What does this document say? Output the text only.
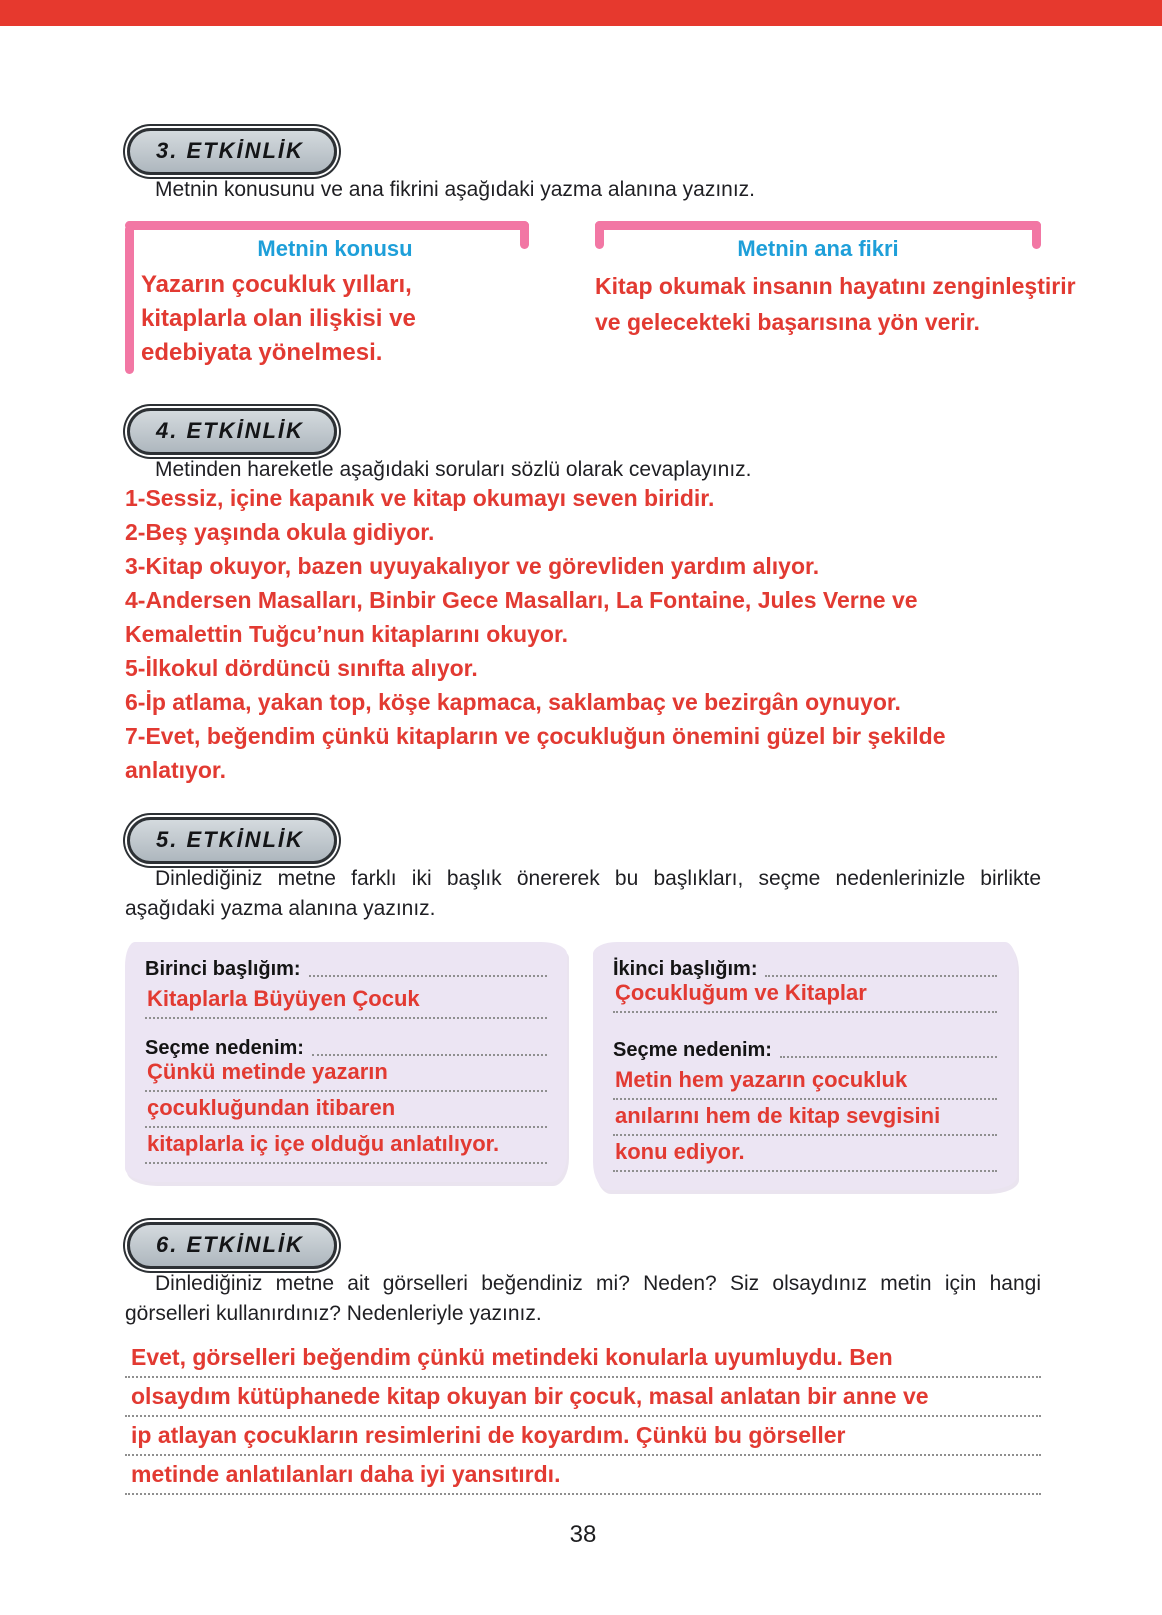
3. ETKİNLİK

Metnin konusunu ve ana fikrini aşağıdaki yazma alanına yazınız.

Metnin konusu
Yazarın çocukluk yılları, kitaplarla olan ilişkisi ve edebiyata yönelmesi.
Metnin ana fikri
Kitap okumak insanın hayatını zenginleştirir ve gelecekteki başarısına yön verir.
4. ETKİNLİK

Metinden hareketle aşağıdaki soruları sözlü olarak cevaplayınız.

1-Sessiz, içine kapanık ve kitap okumayı seven biridir.

2-Beş yaşında okula gidiyor.

3-Kitap okuyor, bazen uyuyakalıyor ve görevliden yardım alıyor.

4-Andersen Masalları, Binbir Gece Masalları, La Fontaine, Jules Verne ve Kemalettin Tuğcu’nun kitaplarını okuyor.

5-İlkokul dördüncü sınıfta alıyor.

6-İp atlama, yakan top, köşe kapmaca, saklambaç ve bezirgân oynuyor.

7-Evet, beğendim çünkü kitapların ve çocukluğun önemini güzel bir şekilde anlatıyor.

5. ETKİNLİK

Dinlediğiniz metne farklı iki başlık önererek bu başlıkları, seçme nedenlerinizle birlikte aşağıdaki yazma alanına yazınız.

Birinci başlığım:
Kitaplarla Büyüyen Çocuk
Seçme nedenim:
Çünkü metinde yazarın
çocukluğundan itibaren
kitaplarla iç içe olduğu anlatılıyor.
İkinci başlığım:
Çocukluğum ve Kitaplar
Seçme nedenim:
Metin hem yazarın çocukluk
anılarını hem de kitap sevgisini
konu ediyor.
6. ETKİNLİK

Dinlediğiniz metne ait görselleri beğendiniz mi? Neden? Siz olsaydınız metin için hangi görselleri kullanırdınız? Nedenleriyle yazınız.

Evet, görselleri beğendim çünkü metindeki konularla uyumluydu. Ben
olsaydım kütüphanede kitap okuyan bir çocuk, masal anlatan bir anne ve
ip atlayan çocukların resimlerini de koyardım. Çünkü bu görseller
metinde anlatılanları daha iyi yansıtırdı.
38
